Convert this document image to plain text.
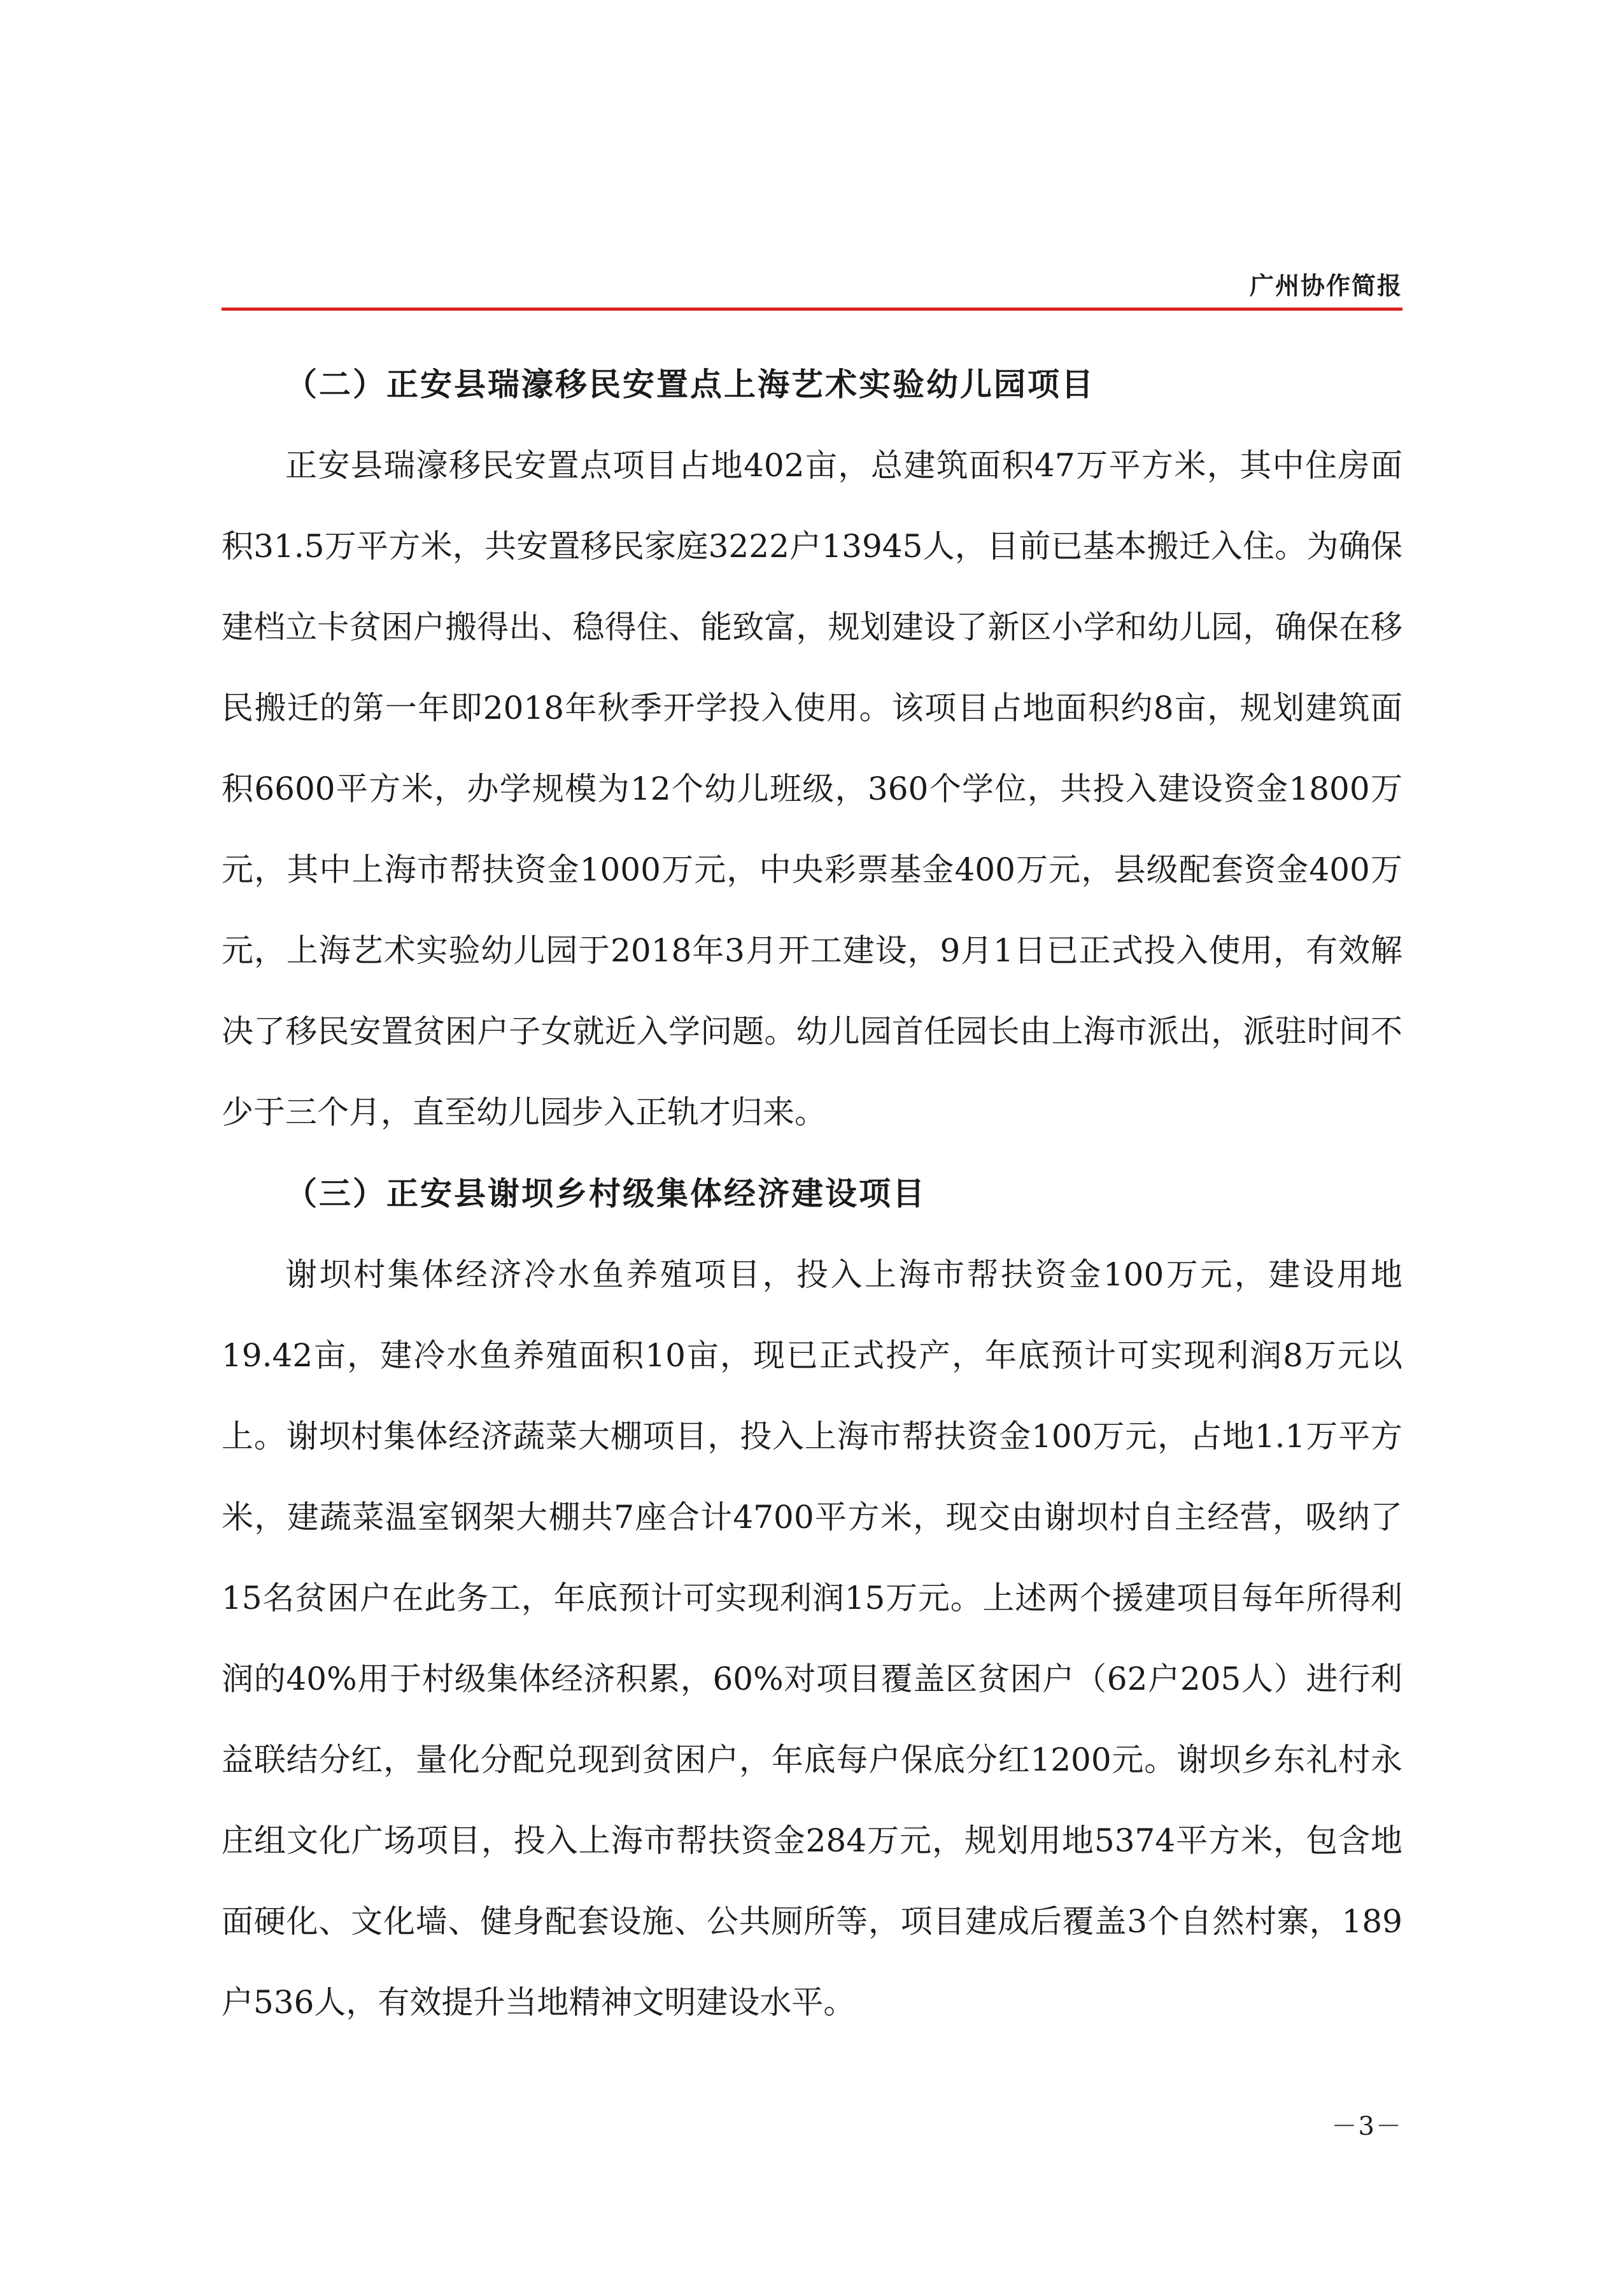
广州协作简报
（二）正安县瑞濠移民安置点上海艺术实验幼儿园项目

正安县瑞濠移民安置点项目占地402亩，总建筑面积47万平方米，其中住房面积31.5万平方米，共安置移民家庭3222户13945人，目前已基本搬迁入住。为确保建档立卡贫困户搬得出、稳得住、能致富，规划建设了新区小学和幼儿园，确保在移民搬迁的第一年即2018年秋季开学投入使用。该项目占地面积约8亩，规划建筑面积6600平方米，办学规模为12个幼儿班级，360个学位，共投入建设资金1800万元，其中上海市帮扶资金1000万元，中央彩票基金400万元，县级配套资金400万元，上海艺术实验幼儿园于2018年3月开工建设，9月1日已正式投入使用，有效解决了移民安置贫困户子女就近入学问题。幼儿园首任园长由上海市派出，派驻时间不少于三个月，直至幼儿园步入正轨才归来。

（三）正安县谢坝乡村级集体经济建设项目

谢坝村集体经济冷水鱼养殖项目，投入上海市帮扶资金100万元，建设用地19.42亩，建冷水鱼养殖面积10亩，现已正式投产，年底预计可实现利润8万元以上。谢坝村集体经济蔬菜大棚项目，投入上海市帮扶资金100万元，占地1.1万平方米，建蔬菜温室钢架大棚共7座合计4700平方米，现交由谢坝村自主经营，吸纳了15名贫困户在此务工，年底预计可实现利润15万元。上述两个援建项目每年所得利润的40%用于村级集体经济积累，60%对项目覆盖区贫困户（62户205人）进行利益联结分红，量化分配兑现到贫困户，年底每户保底分红1200元。谢坝乡东礼村永庄组文化广场项目，投入上海市帮扶资金284万元，规划用地5374平方米，包含地面硬化、文化墙、健身配套设施、公共厕所等，项目建成后覆盖3个自然村寨，189户536人，有效提升当地精神文明建设水平。

－3－
